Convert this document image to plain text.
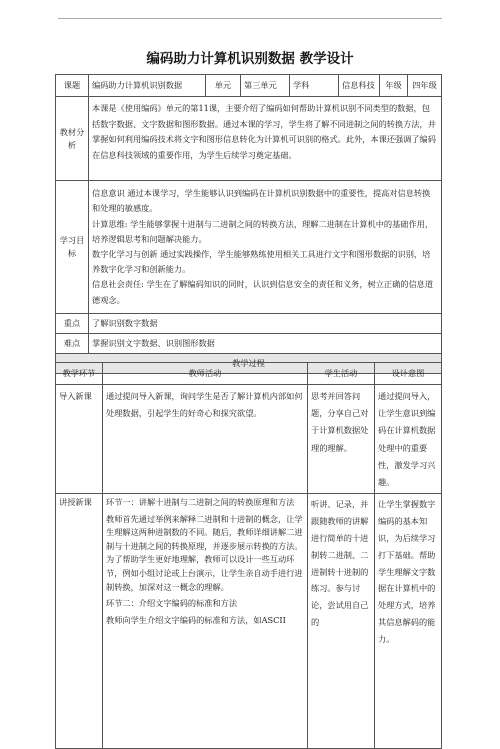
编码助力计算机识别数据 教学设计
课题	编码助力计算机识别数据	单元	第三单元	学科	信息科技	年级	四年级
教材分析	本课是《使用编码》单元的第11课，主要介绍了编码如何帮助计算机识别不同类型的数据，包括数字数据、文字数据和图形数据。通过本课的学习，学生将了解不同进制之间的转换方法，并掌握如何利用编码技术将文字和图形信息转化为计算机可识别的格式。此外，本课还强调了编码在信息科技领域的重要作用，为学生后续学习奠定基础。						
学习目标	信息意识 通过本课学习，学生能够认识到编码在计算机识别数据中的重要性，提高对信息转换和处理的敏感度。

计算思维: 学生能够掌握十进制与二进制之间的转换方法，理解二进制在计算机中的基础作用，培养逻辑思考和问题解决能力。

数字化学习与创新 通过实践操作，学生能够熟练使用相关工具进行文字和图形数据的识别，培养数字化学习和创新能力。

信息社会责任: 学生在了解编码知识的同时，认识到信息安全的责任和义务，树立正确的信息道德观念。						

重点	了解识别数字数据						
难点	掌握识别文字数据、识别图形数据						
教学过程							
教学环节	教师活动	学生活动	设计意图
导入新课	通过提问导入新课，询问学生是否了解计算机内部如何处理数据，引起学生的好奇心和探究欲望。	思考并回答问题，分享自己对于计算机数据处理的理解。	通过提问导入，让学生意识到编码在计算机数据处理中的重要性，激发学习兴趣。
讲授新课	环节一：讲解十进制与二进制之间的转换原理和方法

教师首先通过举例来解释二进制和十进制的概念，让学生理解这两种进制数的不同。随后，教师详细讲解二进制与十进制之间的转换原理，并逐步展示转换的方法。为了帮助学生更好地理解，教师可以设计一些互动环节，例如小组讨论或上台演示，让学生亲自动手进行进制转换，加深对这一概念的理解。

环节二：介绍文字编码的标准和方法

教师向学生介绍文字编码的标准和方法，如ASCII	听讲、记录，并跟随教师的讲解进行简单的十进制转二进制、二进制转十进制的练习。参与讨论，尝试用自己的	让学生掌握数字编码的基本知识，为后续学习打下基础。帮助学生理解文字数据在计算机中的处理方式，培养其信息解码的能力。
